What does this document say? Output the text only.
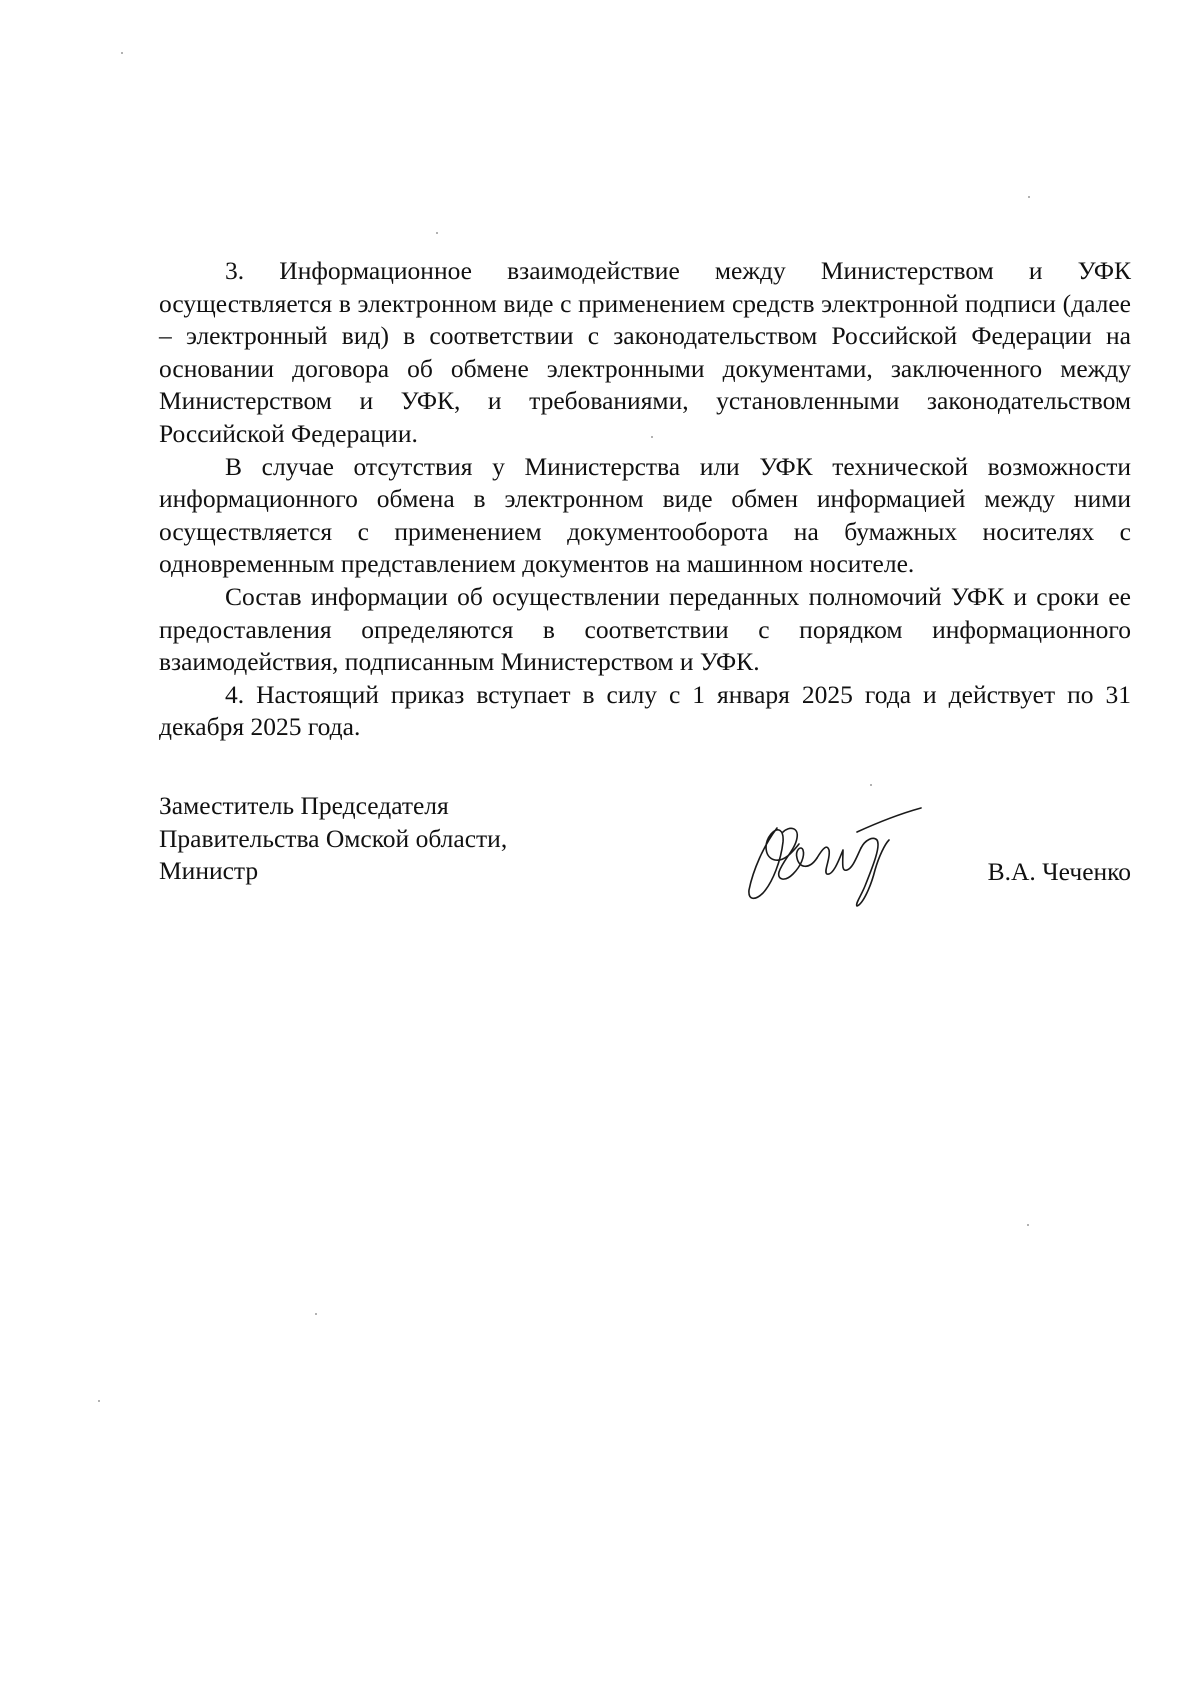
3. Информационное взаимодействие между Министерством и УФК осуществляется в электронном виде с применением средств электронной подписи (далее – электронный вид) в соответствии с законодательством Российской Федерации на основании договора об обмене электронными документами, заключенного между Министерством и УФК, и требованиями, установленными законодательством Российской Федерации.

В случае отсутствия у Министерства или УФК технической возможности информационного обмена в электронном виде обмен информацией между ними осуществляется с применением документооборота на бумажных носителях с одновременным представлением документов на машинном носителе.

Состав информации об осуществлении переданных полномочий УФК и сроки ее предоставления определяются в соответствии с порядком информационного взаимодействия, подписанным Министерством и УФК.

4. Настоящий приказ вступает в силу с 1 января 2025 года и действует по 31 декабря 2025 года.

Заместитель Председателя
Правительства Омской области,
Министр	В.А. Чеченко
